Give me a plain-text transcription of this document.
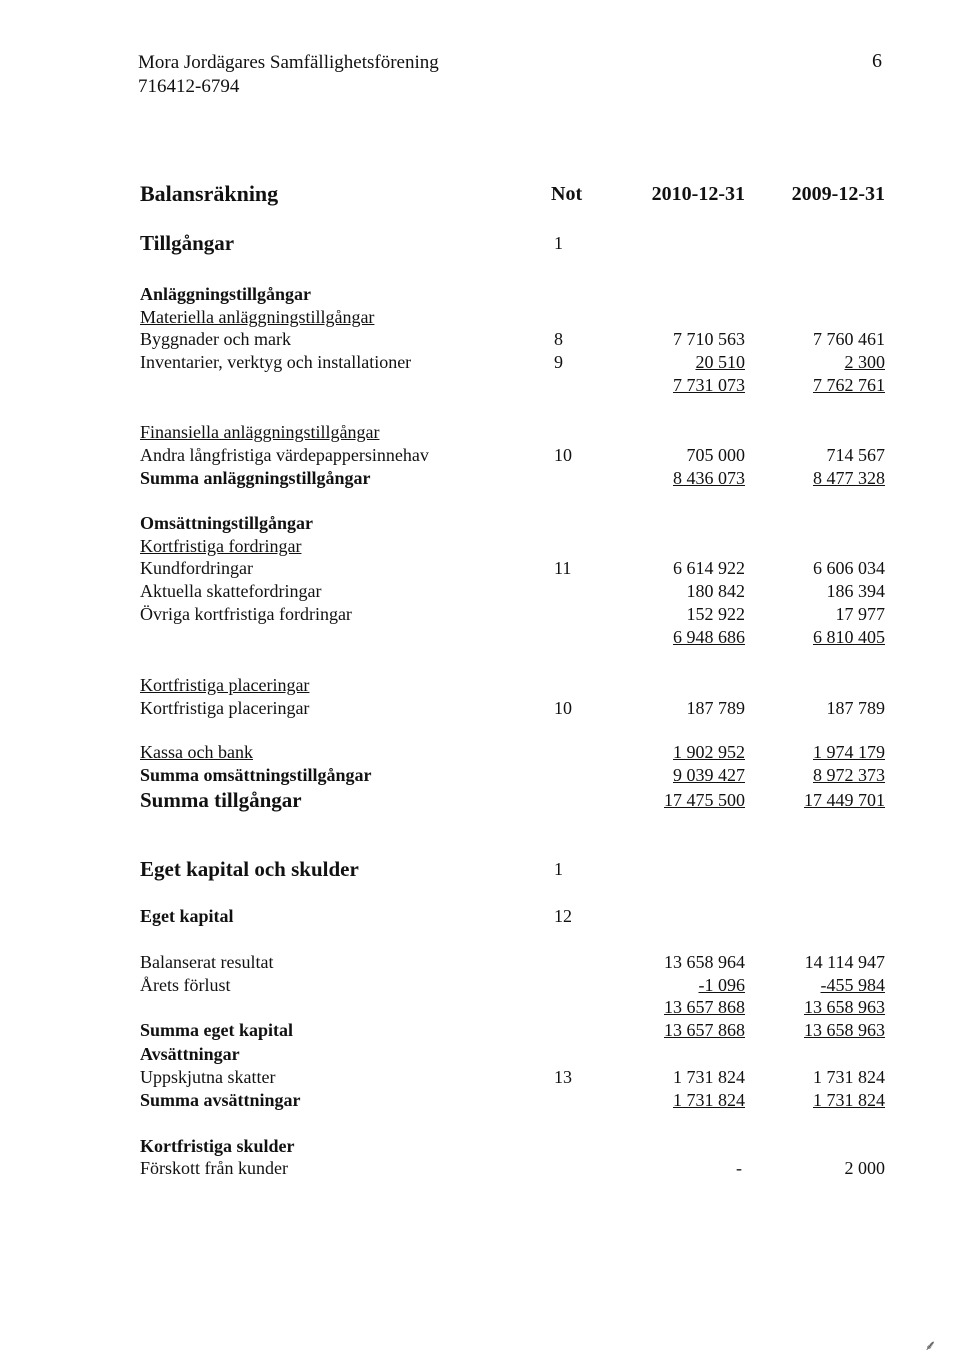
Mora Jordägares Samfällighetsförening
716412-6794
6
Balansräkning	Not	2010-12-31 2009-12-31
Tillgångar	1
Anläggningstillgångar
Materiella anläggningstillgångar
Byggnader och mark	8	7 710 563	7 760 461
Inventarier, verktyg och installationer	9	20 510	2 300
7 731 073	7 762 761
Finansiella anläggningstillgångar
Andra långfristiga värdepappersinnehav	10	705 000	714 567
Summa anläggningstillgångar	8 436 073	8 477 328
Omsättningstillgångar
Kortfristiga fordringar
Kundfordringar	11	6 614 922	6 606 034
Aktuella skattefordringar	180 842	186 394
Övriga kortfristiga fordringar	152 922	17 977
6 948 686	6 810 405
Kortfristiga placeringar
Kortfristiga placeringar	10	187 789	187 789
Kassa och bank	1 902 952	1 974 179
Summa omsättningstillgångar	9 039 427	8 972 373
Summa tillgångar	17 475 500	17 449 701
Eget kapital och skulder	1
Eget kapital	12
Balanserat resultat	13 658 964	14 114 947
Årets förlust	-1 096	-455 984
13 657 868	13 658 963
Summa eget kapital	13 657 868	13 658 963
Avsättningar
Uppskjutna skatter	13	1 731 824	1 731 824
Summa avsättningar	1 731 824	1 731 824
Kortfristiga skulder
Förskott från kunder	-	2 000
⸙
